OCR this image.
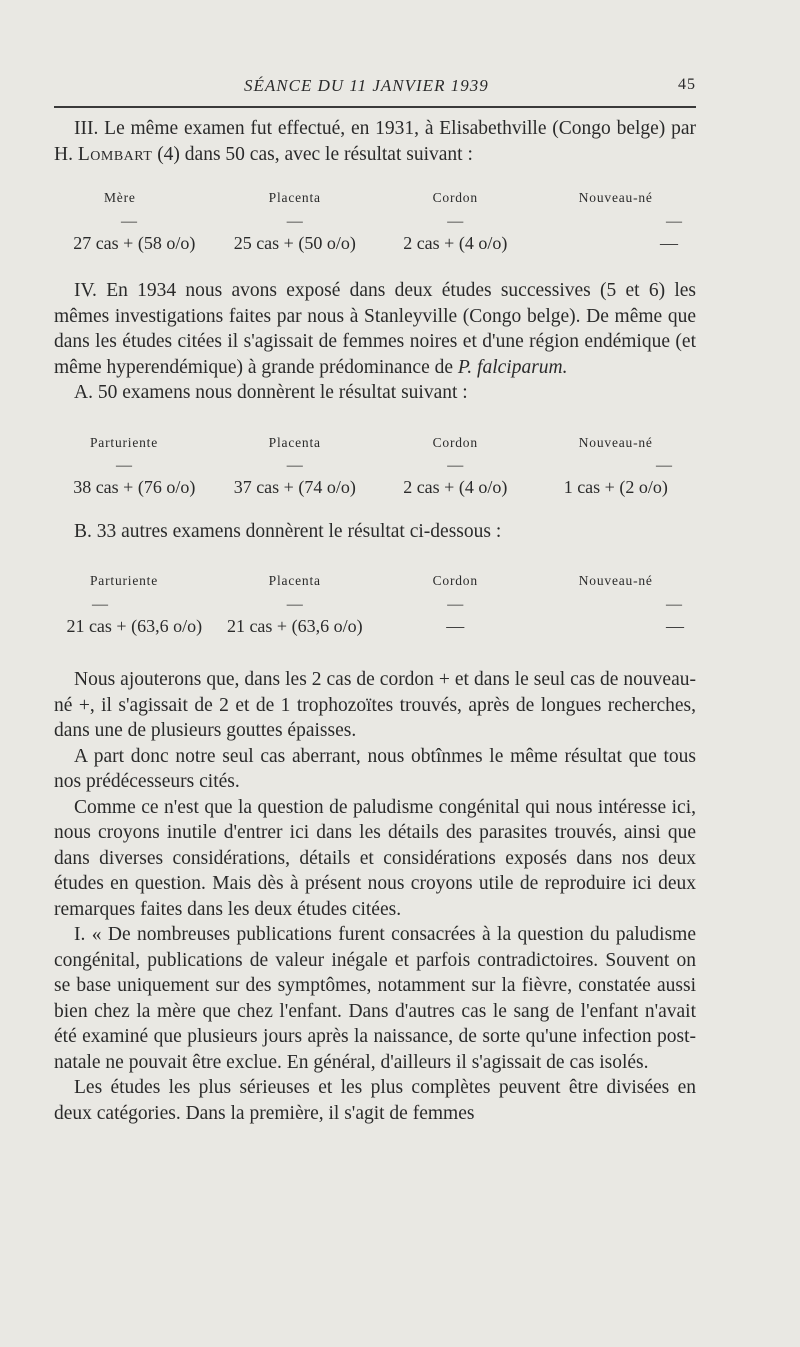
SÉANCE DU 11 JANVIER 1939	45

III. Le même examen fut effectué, en 1931, à Elisabethville (Congo belge) par H. Lombart (4) dans 50 cas, avec le résultat suivant :

Mère	Placenta	Cordon	Nouveau-né
—	—	—	—
27 cas + (58 o/o)	25 cas + (50 o/o)	2 cas + (4 o/o)	—

IV. En 1934 nous avons exposé dans deux études successives (5 et 6) les mêmes investigations faites par nous à Stanleyville (Congo belge). De même que dans les études citées il s'agissait de femmes noires et d'une région endémique (et même hyperendémique) à grande prédominance de P. falciparum.

A. 50 examens nous donnèrent le résultat suivant :

Parturiente	Placenta	Cordon	Nouveau-né
—	—	—	—
38 cas + (76 o/o)	37 cas + (74 o/o)	2 cas + (4 o/o)	1 cas + (2 o/o)

B. 33 autres examens donnèrent le résultat ci-dessous :

Parturiente	Placenta	Cordon	Nouveau-né
—	—	—	—
21 cas + (63,6 o/o)	21 cas + (63,6 o/o)	—	—

Nous ajouterons que, dans les 2 cas de cordon + et dans le seul cas de nouveau-né +, il s'agissait de 2 et de 1 trophozoïtes trouvés, après de longues recherches, dans une de plusieurs gouttes épaisses.

A part donc notre seul cas aberrant, nous obtînmes le même résultat que tous nos prédécesseurs cités.

Comme ce n'est que la question de paludisme congénital qui nous intéresse ici, nous croyons inutile d'entrer ici dans les détails des parasites trouvés, ainsi que dans diverses considérations, détails et considérations exposés dans nos deux études en question. Mais dès à présent nous croyons utile de reproduire ici deux remarques faites dans les deux études citées.

I. « De nombreuses publications furent consacrées à la question du paludisme congénital, publications de valeur inégale et parfois contradictoires. Souvent on se base uniquement sur des symptômes, notamment sur la fièvre, constatée aussi bien chez la mère que chez l'enfant. Dans d'autres cas le sang de l'enfant n'avait été examiné que plusieurs jours après la naissance, de sorte qu'une infection post-natale ne pouvait être exclue. En général, d'ailleurs il s'agissait de cas isolés.

Les études les plus sérieuses et les plus complètes peuvent être divisées en deux catégories. Dans la première, il s'agit de femmes
